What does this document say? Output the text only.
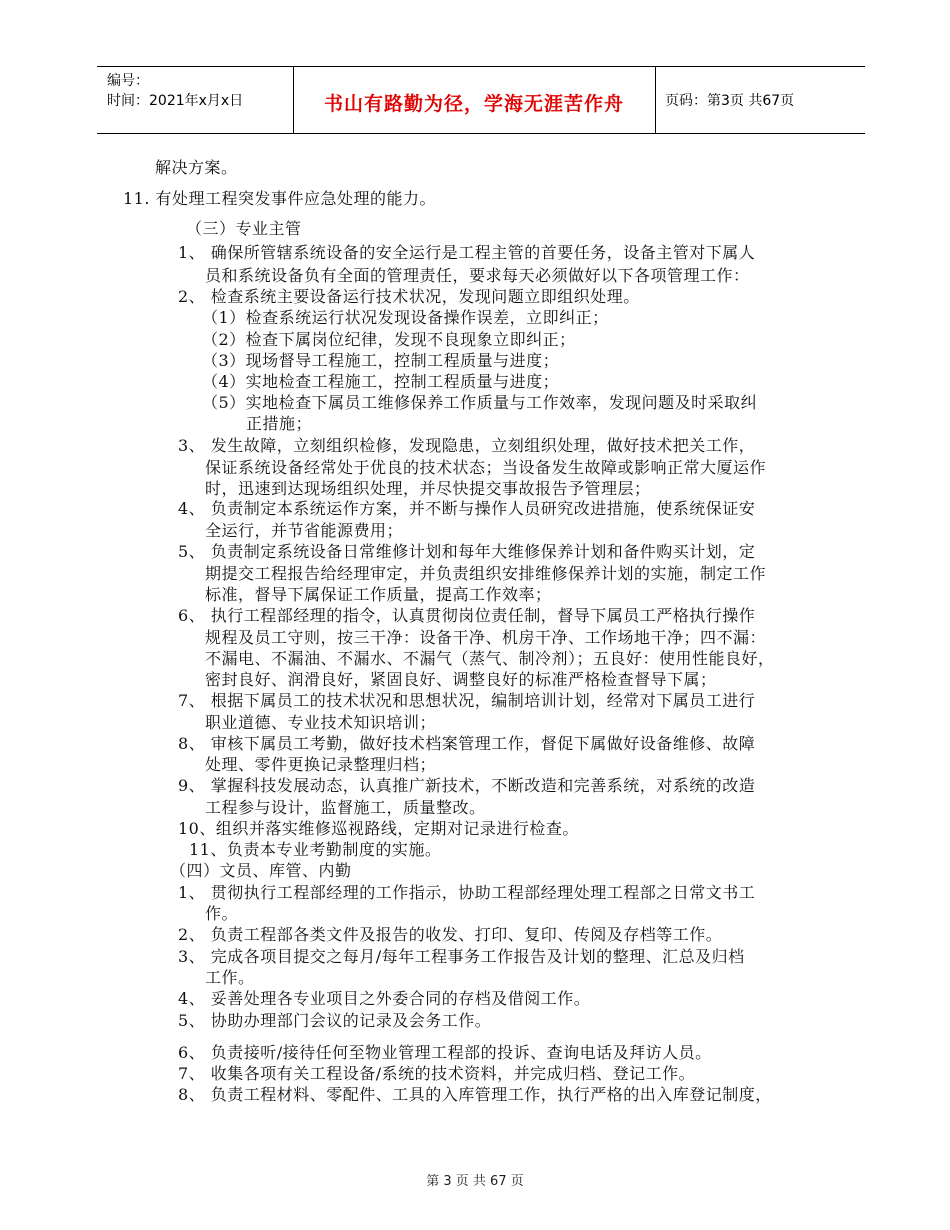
编号：
时间：2021年x月x日	书山有路勤为径，学海无涯苦作舟	页码：第3页 共67页
解决方案。
11. 有处理工程突发事件应急处理的能力。
（三）专业主管
1、 确保所管辖系统设备的安全运行是工程主管的首要任务，设备主管对下属人
员和系统设备负有全面的管理责任，要求每天必须做好以下各项管理工作：
2、 检查系统主要设备运行技术状况，发现问题立即组织处理。
（1）检查系统运行状况发现设备操作误差，立即纠正；
（2）检查下属岗位纪律，发现不良现象立即纠正；
（3）现场督导工程施工，控制工程质量与进度；
（4）实地检查工程施工，控制工程质量与进度；
（5）实地检查下属员工维修保养工作质量与工作效率，发现问题及时采取纠
正措施；
3、 发生故障，立刻组织检修，发现隐患，立刻组织处理，做好技术把关工作，
保证系统设备经常处于优良的技术状态；当设备发生故障或影响正常大厦运作
时，迅速到达现场组织处理，并尽快提交事故报告予管理层；
4、 负责制定本系统运作方案，并不断与操作人员研究改进措施，使系统保证安
全运行，并节省能源费用；
5、 负责制定系统设备日常维修计划和每年大维修保养计划和备件购买计划，定
期提交工程报告给经理审定，并负责组织安排维修保养计划的实施，制定工作
标准，督导下属保证工作质量，提高工作效率；
6、 执行工程部经理的指令，认真贯彻岗位责任制，督导下属员工严格执行操作
规程及员工守则，按三干净：设备干净、机房干净、工作场地干净；四不漏：
不漏电、不漏油、不漏水、不漏气（蒸气、制冷剂）；五良好：使用性能良好，
密封良好、润滑良好，紧固良好、调整良好的标准严格检查督导下属；
7、 根据下属员工的技术状况和思想状况，编制培训计划，经常对下属员工进行
职业道德、专业技术知识培训；
8、 审核下属员工考勤，做好技术档案管理工作，督促下属做好设备维修、故障
处理、零件更换记录整理归档；
9、 掌握科技发展动态，认真推广新技术，不断改造和完善系统，对系统的改造
工程参与设计，监督施工，质量整改。
10、组织并落实维修巡视路线，定期对记录进行检查。
11、负责本专业考勤制度的实施。
（四）文员、库管、内勤
1、 贯彻执行工程部经理的工作指示，协助工程部经理处理工程部之日常文书工
作。
2、 负责工程部各类文件及报告的收发、打印、复印、传阅及存档等工作。
3、 完成各项目提交之每月/每年工程事务工作报告及计划的整理、汇总及归档
工作。
4、 妥善处理各专业项目之外委合同的存档及借阅工作。
5、 协助办理部门会议的记录及会务工作。
6、 负责接听/接待任何至物业管理工程部的投诉、查询电话及拜访人员。
7、 收集各项有关工程设备/系统的技术资料，并完成归档、登记工作。
8、 负责工程材料、零配件、工具的入库管理工作，执行严格的出入库登记制度，
第 3 页 共 67 页
